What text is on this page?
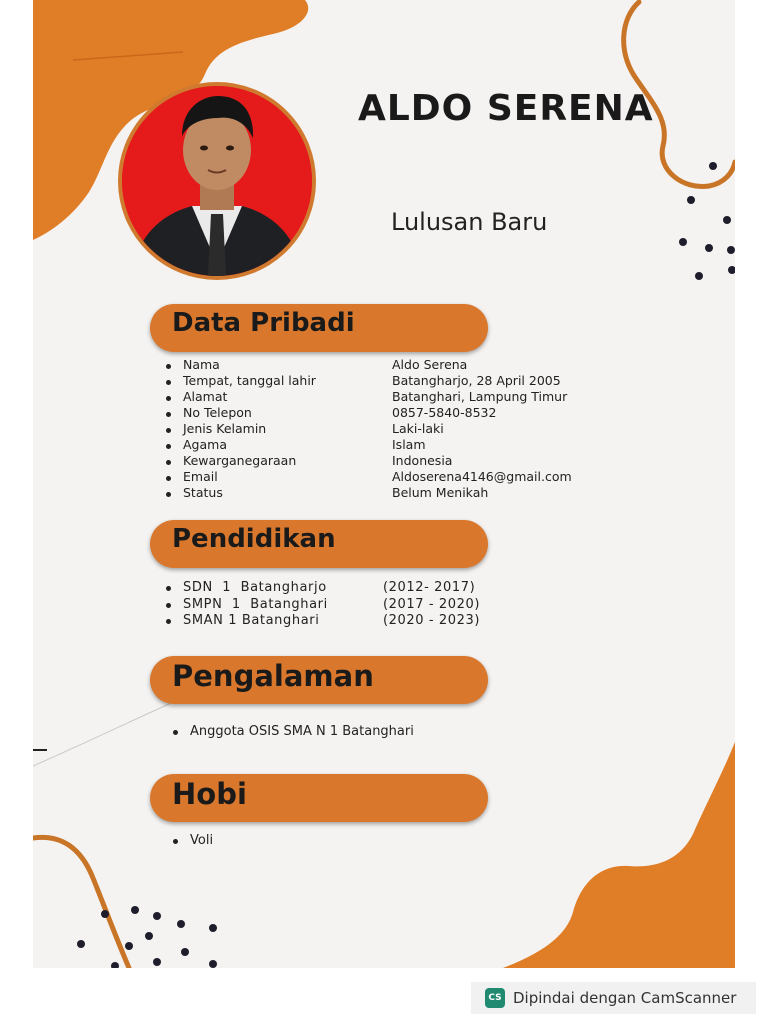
ALDO SERENA
Lulusan Baru
Data Pribadi
Nama	Aldo Serena
Tempat, tanggal lahir	Batangharjo, 28 April 2005
Alamat	Batanghari, Lampung Timur
No Telepon	0857-5840-8532
Jenis Kelamin	Laki-laki
Agama	Islam
Kewarganegaraan	Indonesia
Email	Aldoserena4146@gmail.com
Status	Belum Menikah
Pendidikan
SDN  1  Batangharjo	(2012- 2017)
SMPN  1  Batanghari	(2017 - 2020)
SMAN 1 Batanghari	(2020 - 2023)
Pengalaman
Anggota OSIS SMA N 1 Batanghari
Hobi
Voli
CS Dipindai dengan CamScanner
